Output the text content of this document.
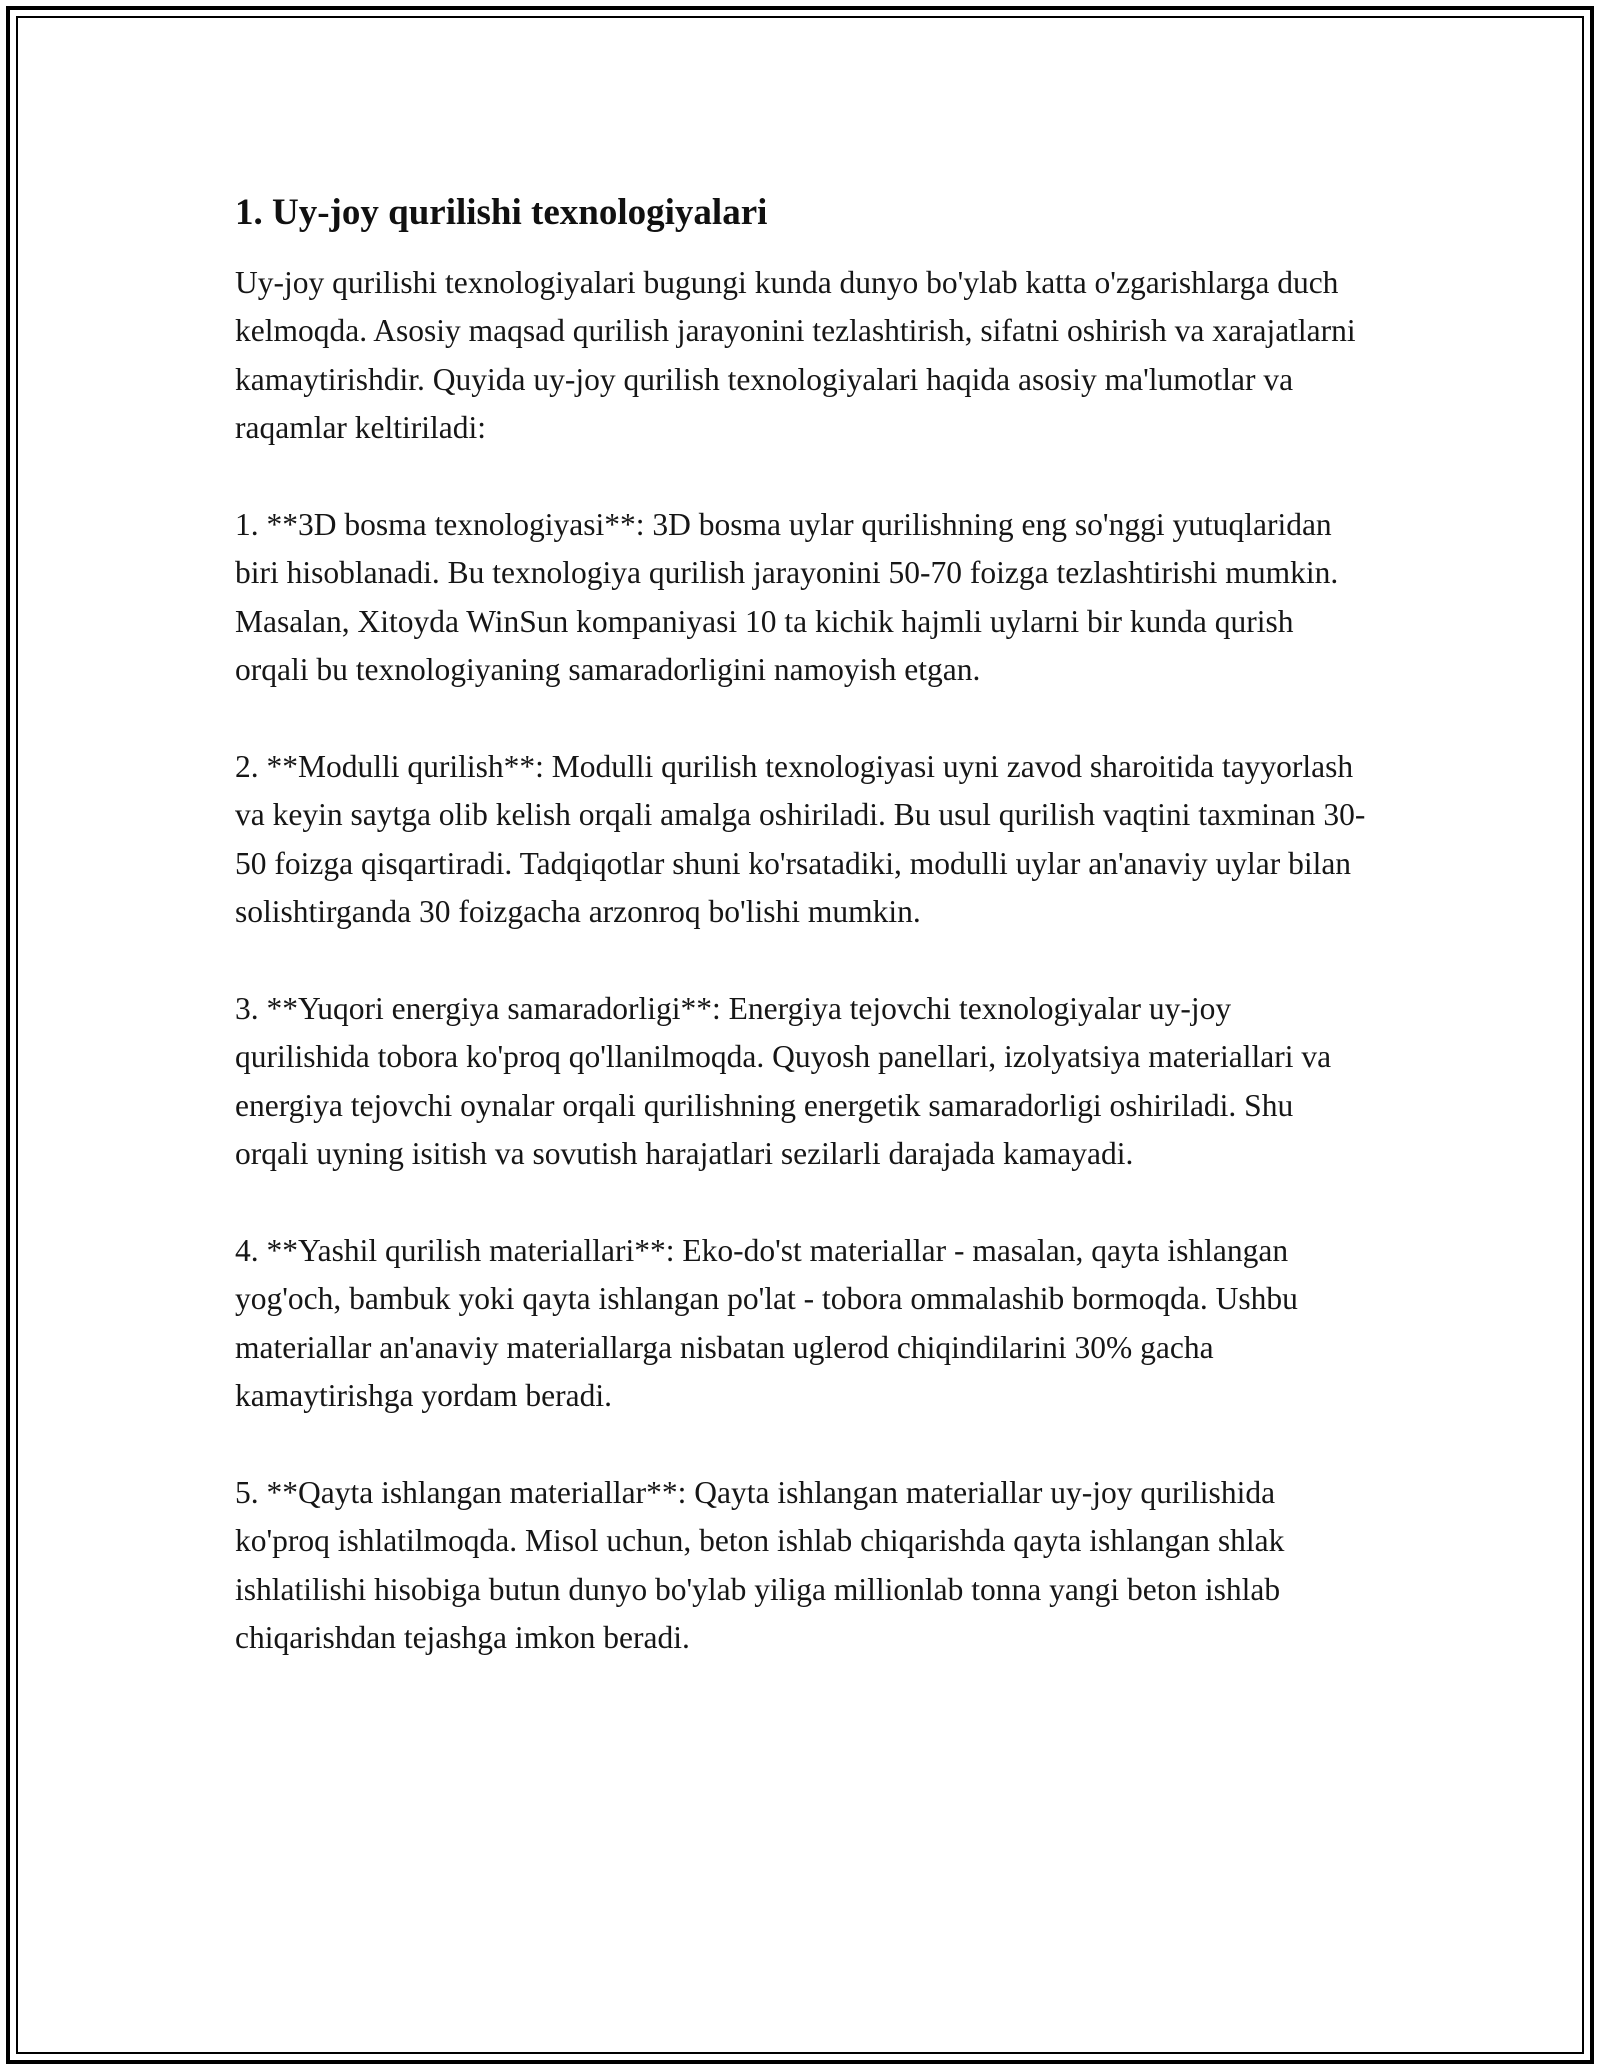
1. Uy-joy qurilishi texnologiyalari

Uy-joy qurilishi texnologiyalari bugungi kunda dunyo bo'ylab katta o'zgarishlarga duch kelmoqda. Asosiy maqsad qurilish jarayonini tezlashtirish, sifatni oshirish va xarajatlarni kamaytirishdir. Quyida uy-joy qurilish texnologiyalari haqida asosiy ma'lumotlar va raqamlar keltiriladi:

1. **3D bosma texnologiyasi**: 3D bosma uylar qurilishning eng so'nggi yutuqlaridan biri hisoblanadi. Bu texnologiya qurilish jarayonini 50-70 foizga tezlashtirishi mumkin. Masalan, Xitoyda WinSun kompaniyasi 10 ta kichik hajmli uylarni bir kunda qurish orqali bu texnologiyaning samaradorligini namoyish etgan.

2. **Modulli qurilish**: Modulli qurilish texnologiyasi uyni zavod sharoitida tayyorlash va keyin saytga olib kelish orqali amalga oshiriladi. Bu usul qurilish vaqtini taxminan 30-50 foizga qisqartiradi. Tadqiqotlar shuni ko'rsatadiki, modulli uylar an'anaviy uylar bilan solishtirganda 30 foizgacha arzonroq bo'lishi mumkin.

3. **Yuqori energiya samaradorligi**: Energiya tejovchi texnologiyalar uy-joy qurilishida tobora ko'proq qo'llanilmoqda. Quyosh panellari, izolyatsiya materiallari va energiya tejovchi oynalar orqali qurilishning energetik samaradorligi oshiriladi. Shu orqali uyning isitish va sovutish harajatlari sezilarli darajada kamayadi.

4. **Yashil qurilish materiallari**: Eko-do'st materiallar - masalan, qayta ishlangan yog'och, bambuk yoki qayta ishlangan po'lat - tobora ommalashib bormoqda. Ushbu materiallar an'anaviy materiallarga nisbatan uglerod chiqindilarini 30% gacha kamaytirishga yordam beradi.

5. **Qayta ishlangan materiallar**: Qayta ishlangan materiallar uy-joy qurilishida ko'proq ishlatilmoqda. Misol uchun, beton ishlab chiqarishda qayta ishlangan shlak ishlatilishi hisobiga butun dunyo bo'ylab yiliga millionlab tonna yangi beton ishlab chiqarishdan tejashga imkon beradi.
